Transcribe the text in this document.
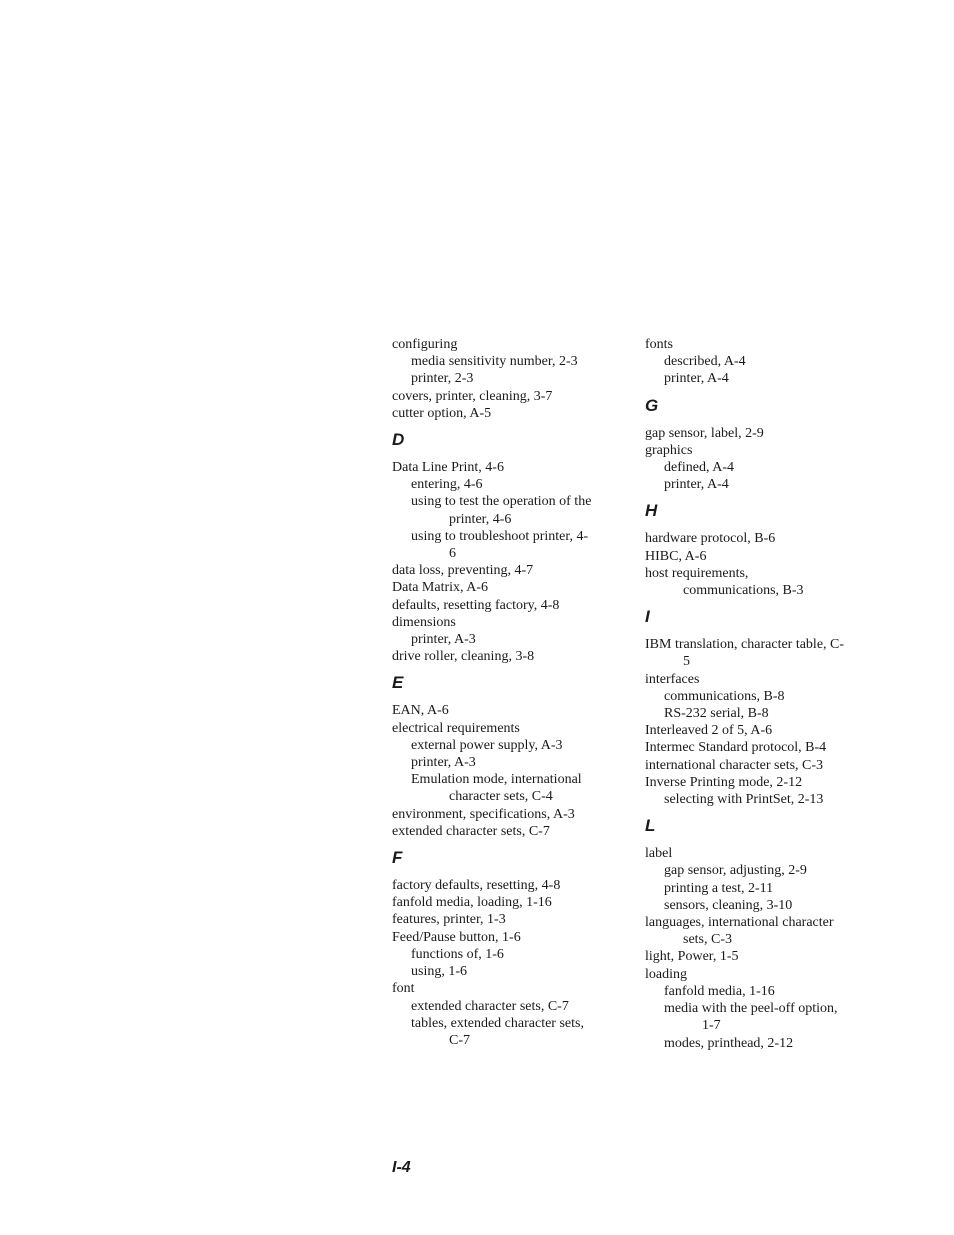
configuring
media sensitivity number, 2-3
printer, 2-3
covers, printer, cleaning, 3-7
cutter option, A-5
D
Data Line Print, 4-6
entering, 4-6
using to test the operation of the printer, 4-6
using to troubleshoot printer, 4-6
data loss, preventing, 4-7
Data Matrix, A-6
defaults, resetting factory, 4-8
dimensions
printer, A-3
drive roller, cleaning, 3-8
E
EAN, A-6
electrical requirements
external power supply, A-3
printer, A-3
Emulation mode, international character sets, C-4
environment, specifications, A-3
extended character sets, C-7
F
factory defaults, resetting, 4-8
fanfold media, loading, 1-16
features, printer, 1-3
Feed/Pause button, 1-6
functions of, 1-6
using, 1-6
font
extended character sets, C-7
tables, extended character sets, C-7
fonts
described, A-4
printer, A-4
G
gap sensor, label, 2-9
graphics
defined, A-4
printer, A-4
H
hardware protocol, B-6
HIBC, A-6
host requirements, communications, B-3
I
IBM translation, character table, C-5
interfaces
communications, B-8
RS-232 serial, B-8
Interleaved 2 of 5, A-6
Intermec Standard protocol, B-4
international character sets, C-3
Inverse Printing mode, 2-12
selecting with PrintSet, 2-13
L
label
gap sensor, adjusting, 2-9
printing a test, 2-11
sensors, cleaning, 3-10
languages, international character sets, C-3
light, Power, 1-5
loading
fanfold media, 1-16
media with the peel-off option, 1-7
modes, printhead, 2-12
I-4
